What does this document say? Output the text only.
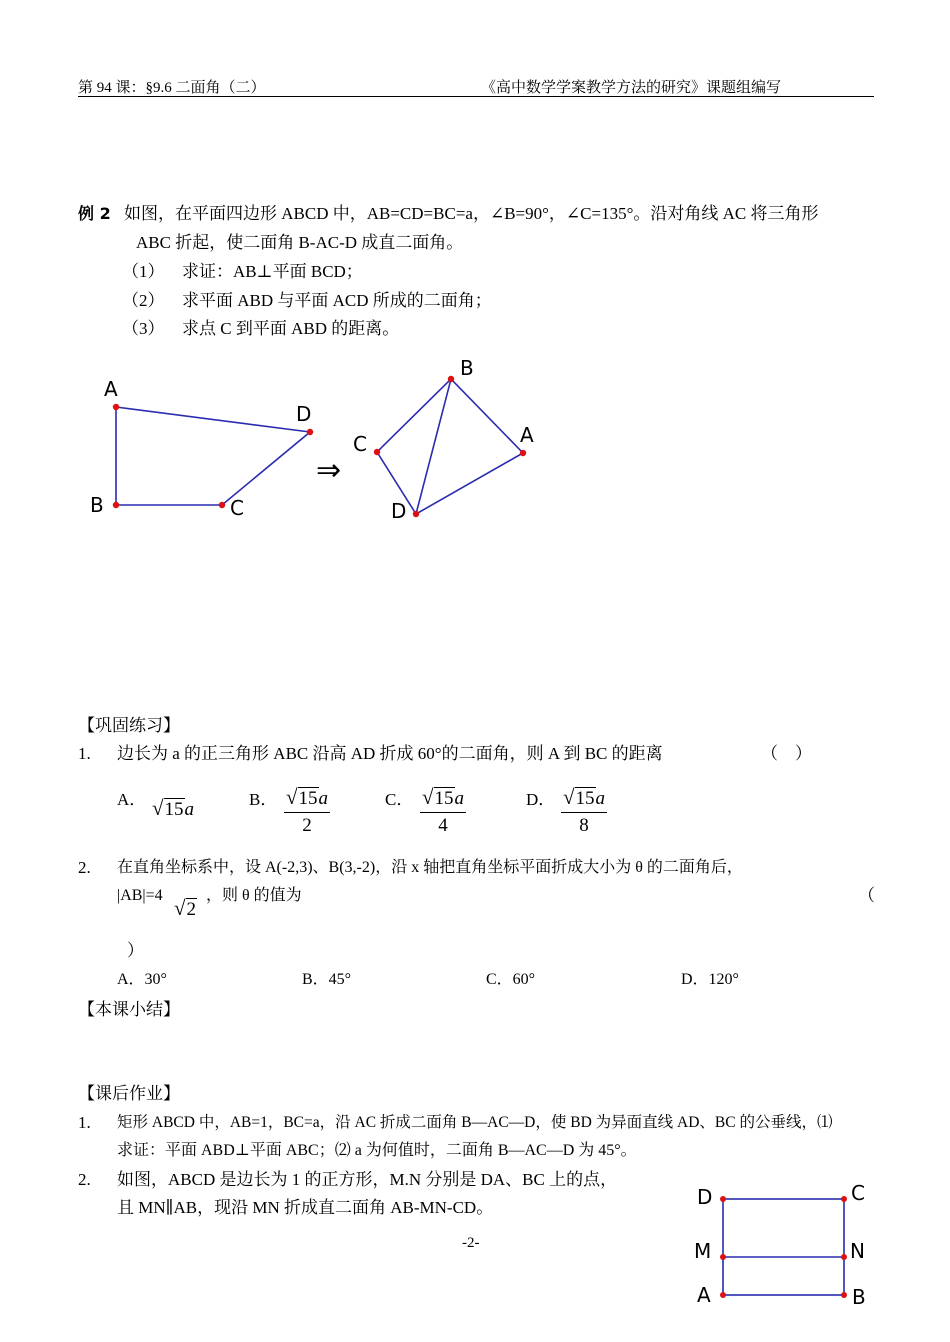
第 94 课：§9.6 二面角（二）	《高中数学学案教学方法的研究》课题组编写
例 2 如图，在平面四边形 ABCD 中，AB=CD=BC=a，∠B=90°，∠C=135°。沿对角线 AC 将三角形
ABC 折起，使二面角 B-AC-D 成直二面角。
（1） 求证：AB⊥平面 BCD；
（2） 求平面 ABD 与平面 ACD 所成的二面角；
（3） 求点 C 到平面 ABD 的距离。
A
D
B	C
⇒
B
C	A
D
【巩固练习】
1. 边长为 a 的正三角形 ABC 沿高 AD 折成 60°的二面角，则 A 到 BC 的距离	（　）
A． √15a	B． √15a
2
C． √15a
4
D． √15a
8
2. 在直角坐标系中，设 A(-2,3)、B(3,-2)，沿 x 轴把直角坐标平面折成大小为 θ 的二面角后，
|AB|=4
√2
，则 θ 的值为	（
）
A．30°	B．45°	C．60°	D．120°
【本课小结】
【课后作业】
1. 矩形 ABCD 中，AB=1，BC=a，沿 AC 折成二面角 B—AC—D，使 BD 为异面直线 AD、BC 的公垂线，⑴
求证：平面 ABD⊥平面 ABC；⑵ a 为何值时，二面角 B—AC—D 为 45°。
2. 如图，ABCD 是边长为 1 的正方形，M.N 分别是 DA、BC 上的点，
且 MN∥AB，现沿 MN 折成直二面角 AB-MN-CD。	D	C
M	N
A	B
-2-
